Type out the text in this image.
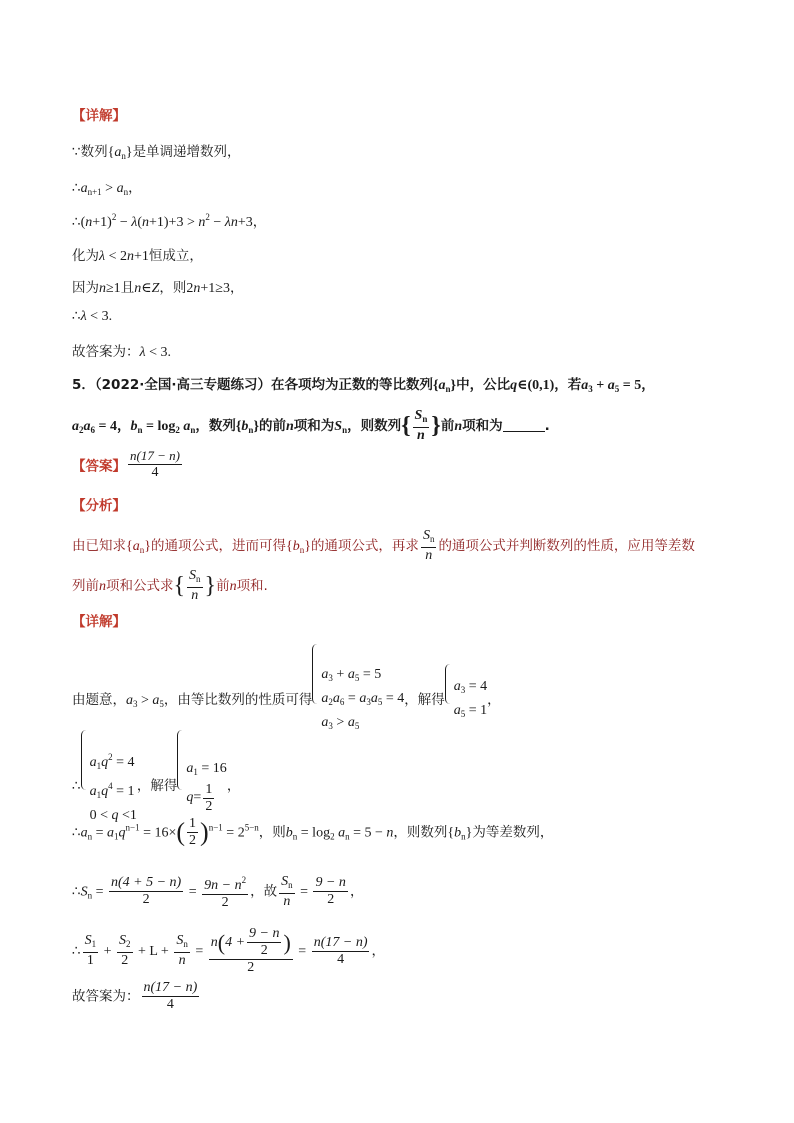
【详解】
∵数列$\{a_n\}$是单调递增数列，
$\therefore a_{n+1} > a_n$，
$\therefore(n+1)^2 - \lambda(n+1)+3 > n^2 - \lambda n+3$，
化为λ < 2n+1恒成立，
因为n≥1且n∈Z，则2n+1≥3，
∴λ < 3.
故答案为：λ < 3.
5．（2022·全国·高三专题练习）在各项均为正数的等比数列$\{a_n\}$中，公比q∈(0,1)，若$a_3 + a_5 = 5$，
$a_2a_6 = 4$，$b_n = \log_2 a_n$，数列$\{b_n\}$的前n项和为$S_n$，则数列 { $\frac{S_n}{n}$ } 前n项和为	.
【答案】 $\frac{n(17 - n)}{4}$
【分析】
由已知求$\{a_n\}$的通项公式，进而可得$\{b_n\}$的通项公式，再求 $\frac{S_n}{n}$ 的通项公式并判断数列的性质，应用等差数
列前n项和公式求 { $\frac{S_n}{n}$ } 前n项和.
【详解】
由题意，$a_3 > a_5$，由等比数列的性质可得
$a_3 + a_5 = 5$
$a_2a_6 = a_3a_5 = 4$
$a_3 > a_5$
，解得
$a_3 = 4$
$a_5 = 1$
，
∴
$a_1q^2 = 4$
$a_1q^4 = 1$
0 < q <1
，解得
$a_1 = 16$
$q = \frac{1}{2}$ ，
$\therefore a_n = a_1q^{n-1} = 16\times( \frac{1}{2} )^{n-1} = 2^{5-n}$，则$b_n = \log_2 a_n = 5 - n$，则数列$\{b_n\}$为等差数列，
$\therefore S_n = \frac{n(4 + 5 - n)}{2} = \frac{9n - n^2}{2}$ ，故 $\frac{S_n}{n} = \frac{9 - n}{2}$ ，
∴ $\frac{S_1}{1} + \frac{S_2}{2} + L + \frac{S_n}{n} = \frac{n ( 4 + \frac{9 - n}{2} )}{2} = \frac{n(17 - n)}{4}$ ，
故答案为： $\frac{n(17 - n)}{4}$
